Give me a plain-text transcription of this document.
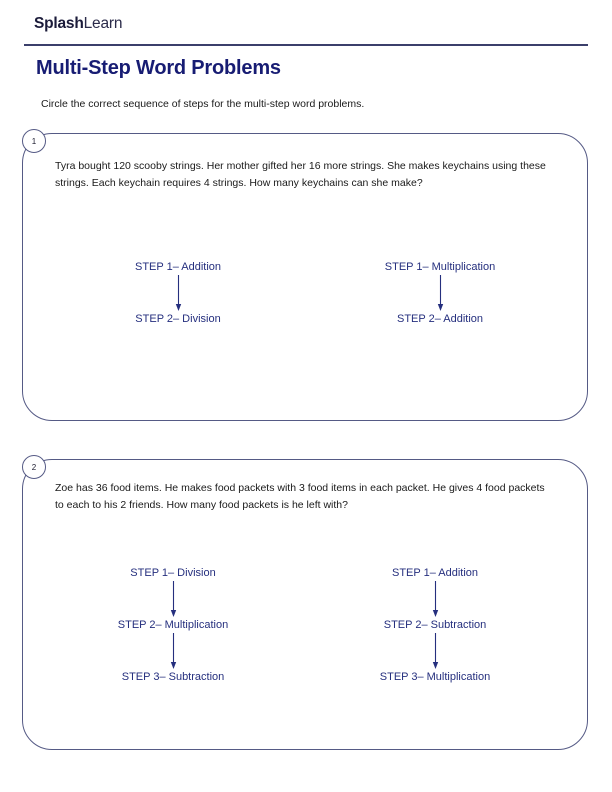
SplashLearn
Multi-Step Word Problems
Circle the correct sequence of steps for the multi-step word problems.
1
Tyra bought 120 scooby strings. Her mother gifted her 16 more strings. She makes keychains using these strings. Each keychain requires 4 strings. How many keychains can she make?
STEP 1– Addition
STEP 2– Division
STEP 1– Multiplication
STEP 2– Addition
2
Zoe has 36 food items. He makes food packets with 3 food items in each packet. He gives 4 food packets to each to his 2 friends. How many food packets is he left with?
STEP 1– Division
STEP 2– Multiplication
STEP 3– Subtraction
STEP 1– Addition
STEP 2– Subtraction
STEP 3– Multiplication
